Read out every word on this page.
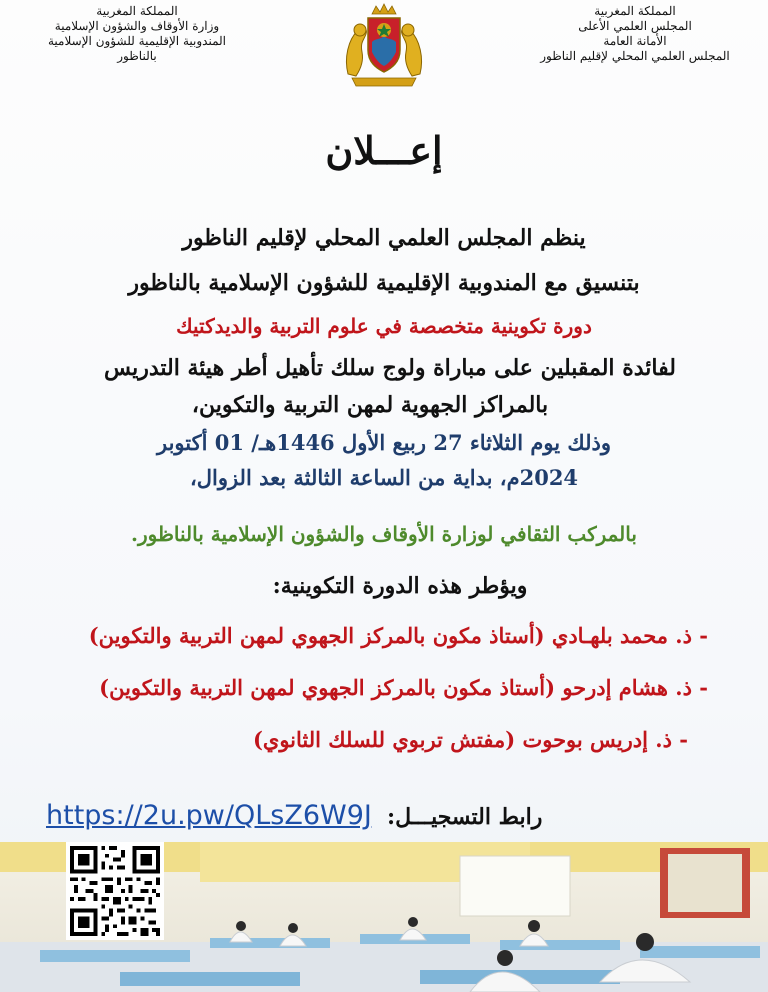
المملكة المغربية
المجلس العلمي الأعلى
الأمانة العامة
المجلس العلمي المحلي لإقليم الناظور
المملكة المغربية
وزارة الأوقاف والشؤون الإسلامية
المندوبية الإقليمية للشؤون الإسلامية
بالناظور
إعـــلان
ينظم المجلس العلمي المحلي لإقليم الناظور
بتنسيق مع المندوبية الإقليمية للشؤون الإسلامية بالناظور
دورة تكوينية متخصصة في علوم التربية والديدكتيك
لفائدة المقبلين على مباراة ولوج سلك تأهيل أطر هيئة التدريس
بالمراكز الجهوية لمهن التربية والتكوين،
وذلك يوم الثلاثاء 27 ربيع الأول 1446هـ/ 01 أكتوبر
2024م، بداية من الساعة الثالثة بعد الزوال،
بالمركب الثقافي لوزارة الأوقاف والشؤون الإسلامية بالناظور.
ويؤطر هذه الدورة التكوينية:
- ذ. محمد بلهـادي (أستاذ مكون بالمركز الجهوي لمهن التربية والتكوين)
- ذ. هشام إدرحو (أستاذ مكون بالمركز الجهوي لمهن التربية والتكوين)
- ذ. إدريس بوحوت (مفتش تربوي للسلك الثانوي)
https://2u.pw/QLsZ6W9J رابط التسجيـــل:
